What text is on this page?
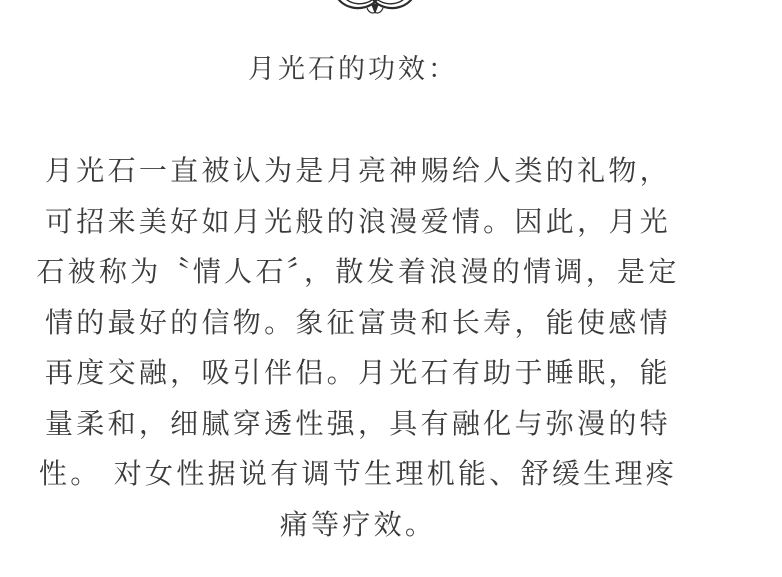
月光石的功效：
月光石一直被认为是月亮神赐给人类的礼物，
可招来美好如月光般的浪漫爱情。因此，月光
石被称为〝情人石〞，散发着浪漫的情调，是定
情的最好的信物。象征富贵和长寿，能使感情
再度交融，吸引伴侣。月光石有助于睡眠，能
量柔和，细腻穿透性强，具有融化与弥漫的特
性。 对女性据说有调节生理机能、舒缓生理疼
痛等疗效。
